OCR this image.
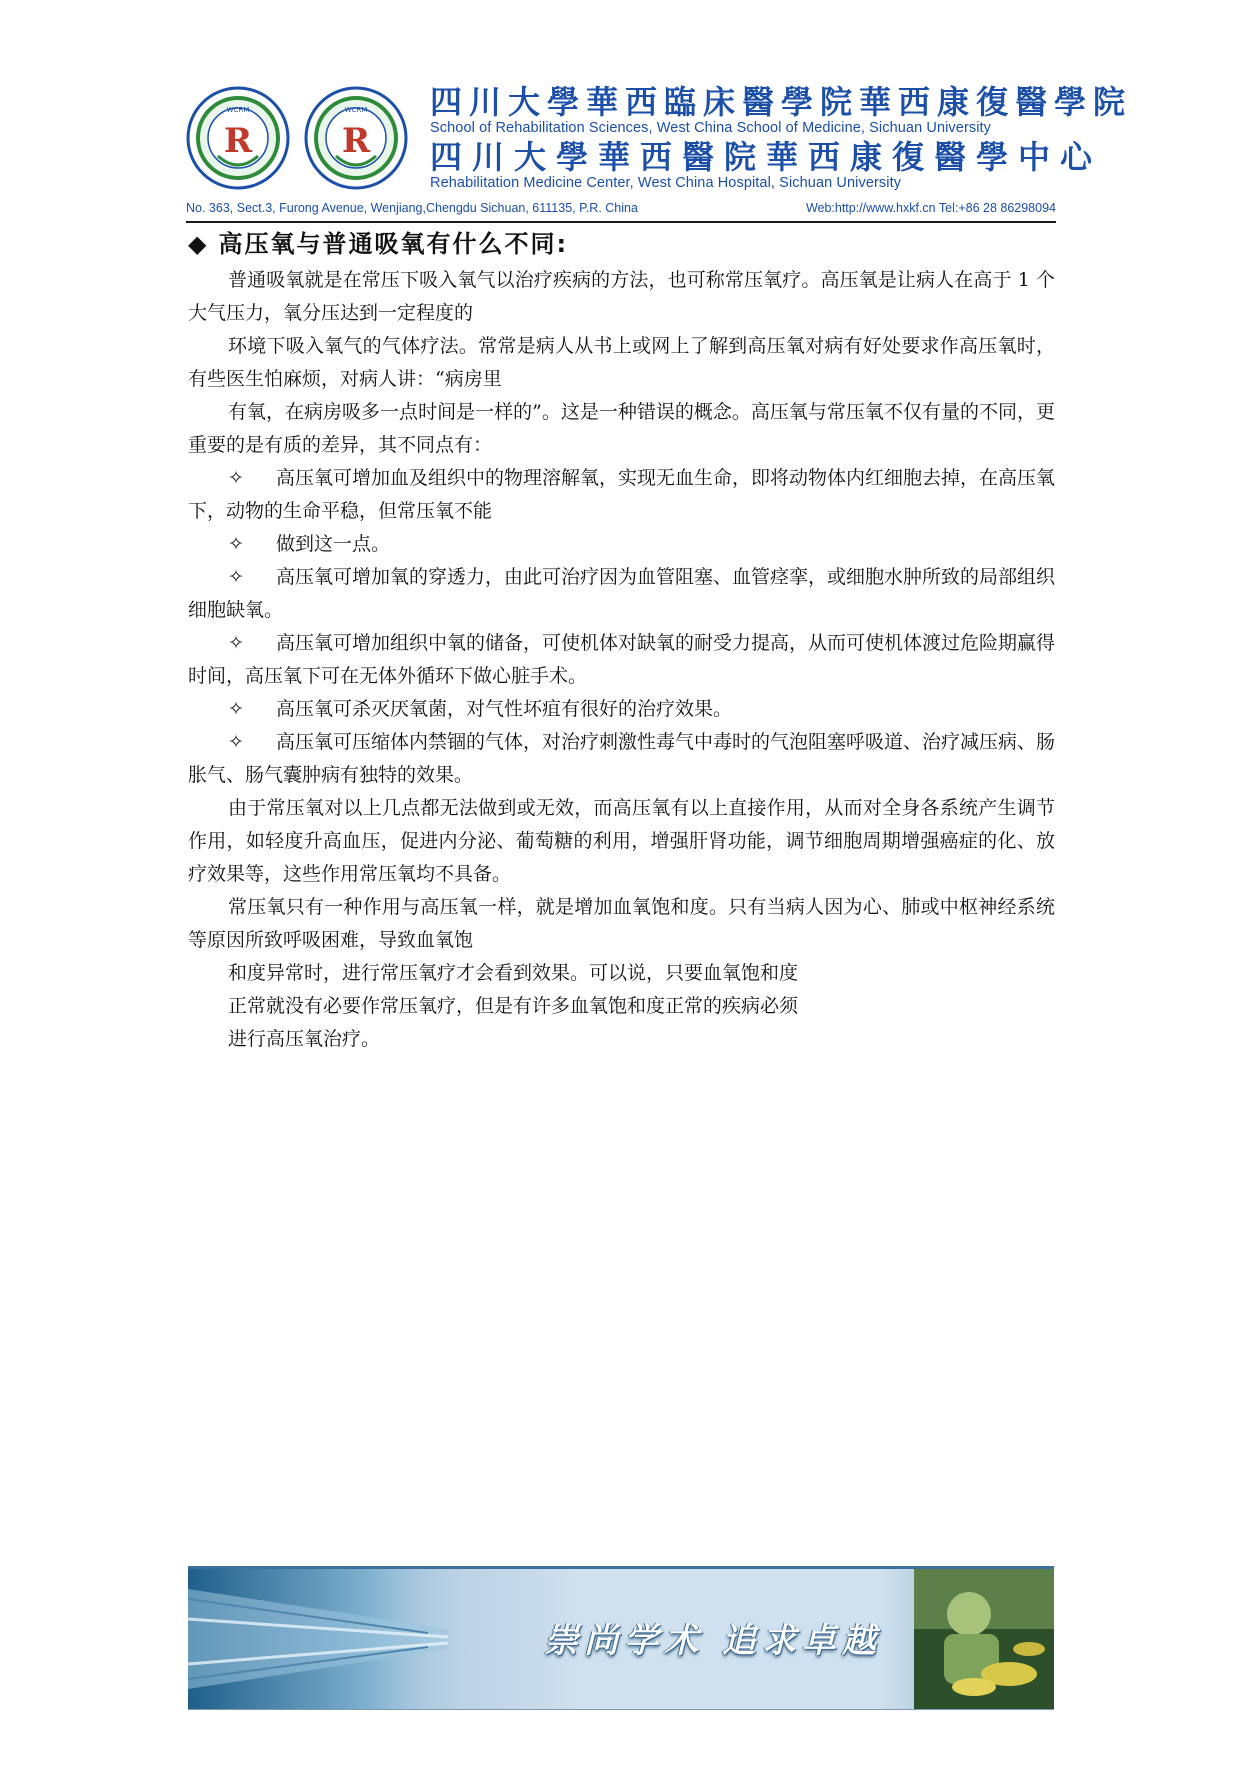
WCRM
R
WCRM
R
四川大學華西臨床醫學院華西康復醫學院
School of Rehabilitation Sciences, West China School of Medicine, Sichuan University
四川大學華西醫院華西康復醫學中心
Rehabilitation Medicine Center, West China Hospital, Sichuan University
No. 363, Sect.3, Furong Avenue, Wenjiang,Chengdu Sichuan, 611135, P.R. China	Web:http://www.hxkf.cn Tel:+86 28 86298094
◆ 高压氧与普通吸氧有什么不同:

普通吸氧就是在常压下吸入氧气以治疗疾病的方法，也可称常压氧疗。高压氧是让病人在高于 1 个大气压力，氧分压达到一定程度的

环境下吸入氧气的气体疗法。常常是病人从书上或网上了解到高压氧对病有好处要求作高压氧时，有些医生怕麻烦，对病人讲：“病房里

有氧，在病房吸多一点时间是一样的”。这是一种错误的概念。高压氧与常压氧不仅有量的不同，更重要的是有质的差异，其不同点有：

✧ 高压氧可增加血及组织中的物理溶解氧，实现无血生命，即将动物体内红细胞去掉，在高压氧下，动物的生命平稳，但常压氧不能

✧ 做到这一点。

✧ 高压氧可增加氧的穿透力，由此可治疗因为血管阻塞、血管痉挛，或细胞水肿所致的局部组织细胞缺氧。

✧ 高压氧可增加组织中氧的储备，可使机体对缺氧的耐受力提高，从而可使机体渡过危险期赢得时间，高压氧下可在无体外循环下做心脏手术。

✧ 高压氧可杀灭厌氧菌，对气性坏疽有很好的治疗效果。

✧ 高压氧可压缩体内禁锢的气体，对治疗刺激性毒气中毒时的气泡阻塞呼吸道、治疗减压病、肠胀气、肠气囊肿病有独特的效果。

由于常压氧对以上几点都无法做到或无效，而高压氧有以上直接作用，从而对全身各系统产生调节作用，如轻度升高血压，促进内分泌、葡萄糖的利用，增强肝肾功能，调节细胞周期增强癌症的化、放疗效果等，这些作用常压氧均不具备。

常压氧只有一种作用与高压氧一样，就是增加血氧饱和度。只有当病人因为心、肺或中枢神经系统等原因所致呼吸困难，导致血氧饱

和度异常时，进行常压氧疗才会看到效果。可以说，只要血氧饱和度

正常就没有必要作常压氧疗，但是有许多血氧饱和度正常的疾病必须

进行高压氧治疗。

崇尚学术 追求卓越
